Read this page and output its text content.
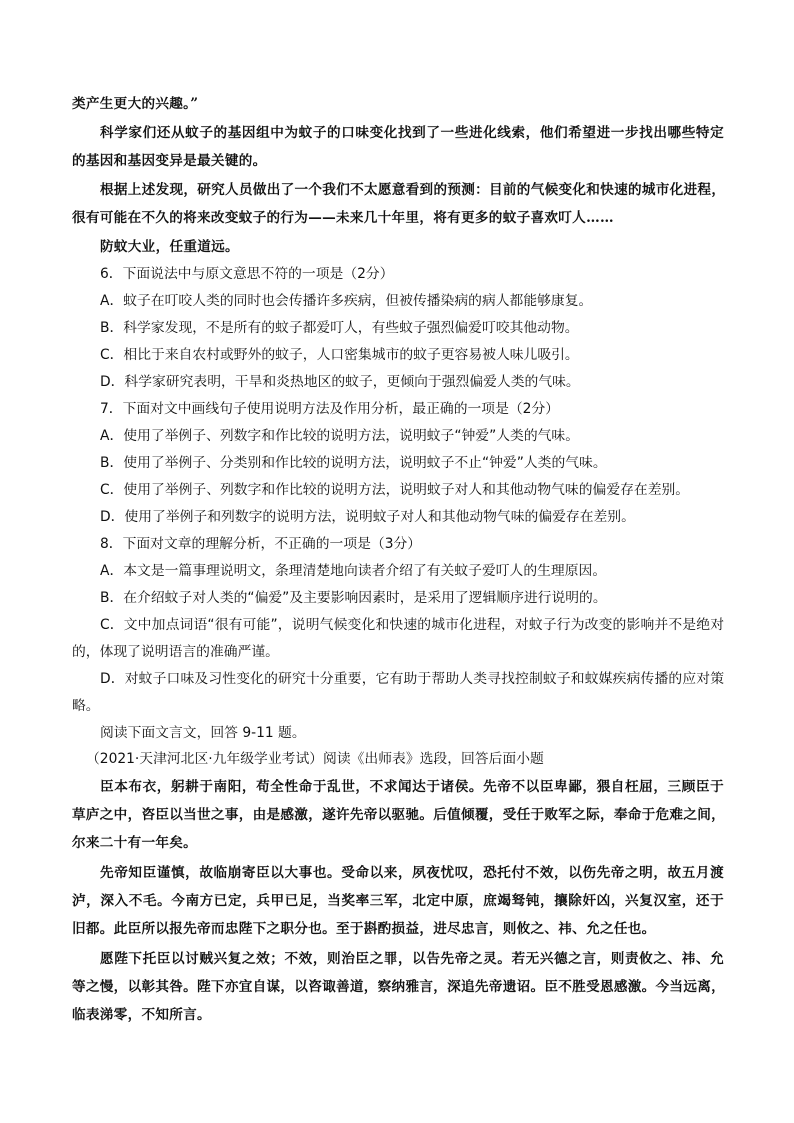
类产生更大的兴趣。”
科学家们还从蚊子的基因组中为蚊子的口味变化找到了一些进化线索，他们希望进一步找出哪些特定
的基因和基因变异是最关键的。
根据上述发现，研究人员做出了一个我们不太愿意看到的预测：目前的气候变化和快速的城市化进程，
很有可能在不久的将来改变蚊子的行为——未来几十年里，将有更多的蚊子喜欢叮人……
防蚊大业，任重道远。
6．下面说法中与原文意思不符的一项是（2分）
A．蚊子在叮咬人类的同时也会传播许多疾病，但被传播染病的病人都能够康复。
B．科学家发现，不是所有的蚊子都爱叮人，有些蚊子强烈偏爱叮咬其他动物。
C．相比于来自农村或野外的蚊子，人口密集城市的蚊子更容易被人味儿吸引。
D．科学家研究表明，干旱和炎热地区的蚊子，更倾向于强烈偏爱人类的气味。
7．下面对文中画线句子使用说明方法及作用分析，最正确的一项是（2分）
A．使用了举例子、列数字和作比较的说明方法，说明蚊子“钟爱”人类的气味。
B．使用了举例子、分类别和作比较的说明方法，说明蚊子不止“钟爱”人类的气味。
C．使用了举例子、列数字和作比较的说明方法，说明蚊子对人和其他动物气味的偏爱存在差别。
D．使用了举例子和列数字的说明方法，说明蚊子对人和其他动物气味的偏爱存在差别。
8．下面对文章的理解分析，不正确的一项是（3分）
A．本文是一篇事理说明文，条理清楚地向读者介绍了有关蚊子爱叮人的生理原因。
B．在介绍蚊子对人类的“偏爱”及主要影响因素时，是采用了逻辑顺序进行说明的。
C．文中加点词语“很有可能”，说明气候变化和快速的城市化进程，对蚊子行为改变的影响并不是绝对
的，体现了说明语言的准确严谨。
D．对蚊子口味及习性变化的研究十分重要，它有助于帮助人类寻找控制蚊子和蚊媒疾病传播的应对策
略。
阅读下面文言文，回答 9-11 题。
（2021·天津河北区·九年级学业考试）阅读《出师表》选段，回答后面小题
臣本布衣，躬耕于南阳，苟全性命于乱世，不求闻达于诸侯。先帝不以臣卑鄙，猥自枉屈，三顾臣于
草庐之中，咨臣以当世之事，由是感激，遂许先帝以驱驰。后值倾覆，受任于败军之际，奉命于危难之间，
尔来二十有一年矣。
先帝知臣谨慎，故临崩寄臣以大事也。受命以来，夙夜忧叹，恐托付不效，以伤先帝之明，故五月渡
泸，深入不毛。今南方已定，兵甲已足，当奖率三军，北定中原，庶竭驽钝，攘除奸凶，兴复汉室，还于
旧都。此臣所以报先帝而忠陛下之职分也。至于斟酌损益，进尽忠言，则攸之、祎、允之任也。
愿陛下托臣以讨贼兴复之效；不效，则治臣之罪，以告先帝之灵。若无兴德之言，则责攸之、祎、允
等之慢，以彰其咎。陛下亦宜自谋，以咨诹善道，察纳雅言，深追先帝遗诏。臣不胜受恩感激。今当远离，
临表涕零，不知所言。
